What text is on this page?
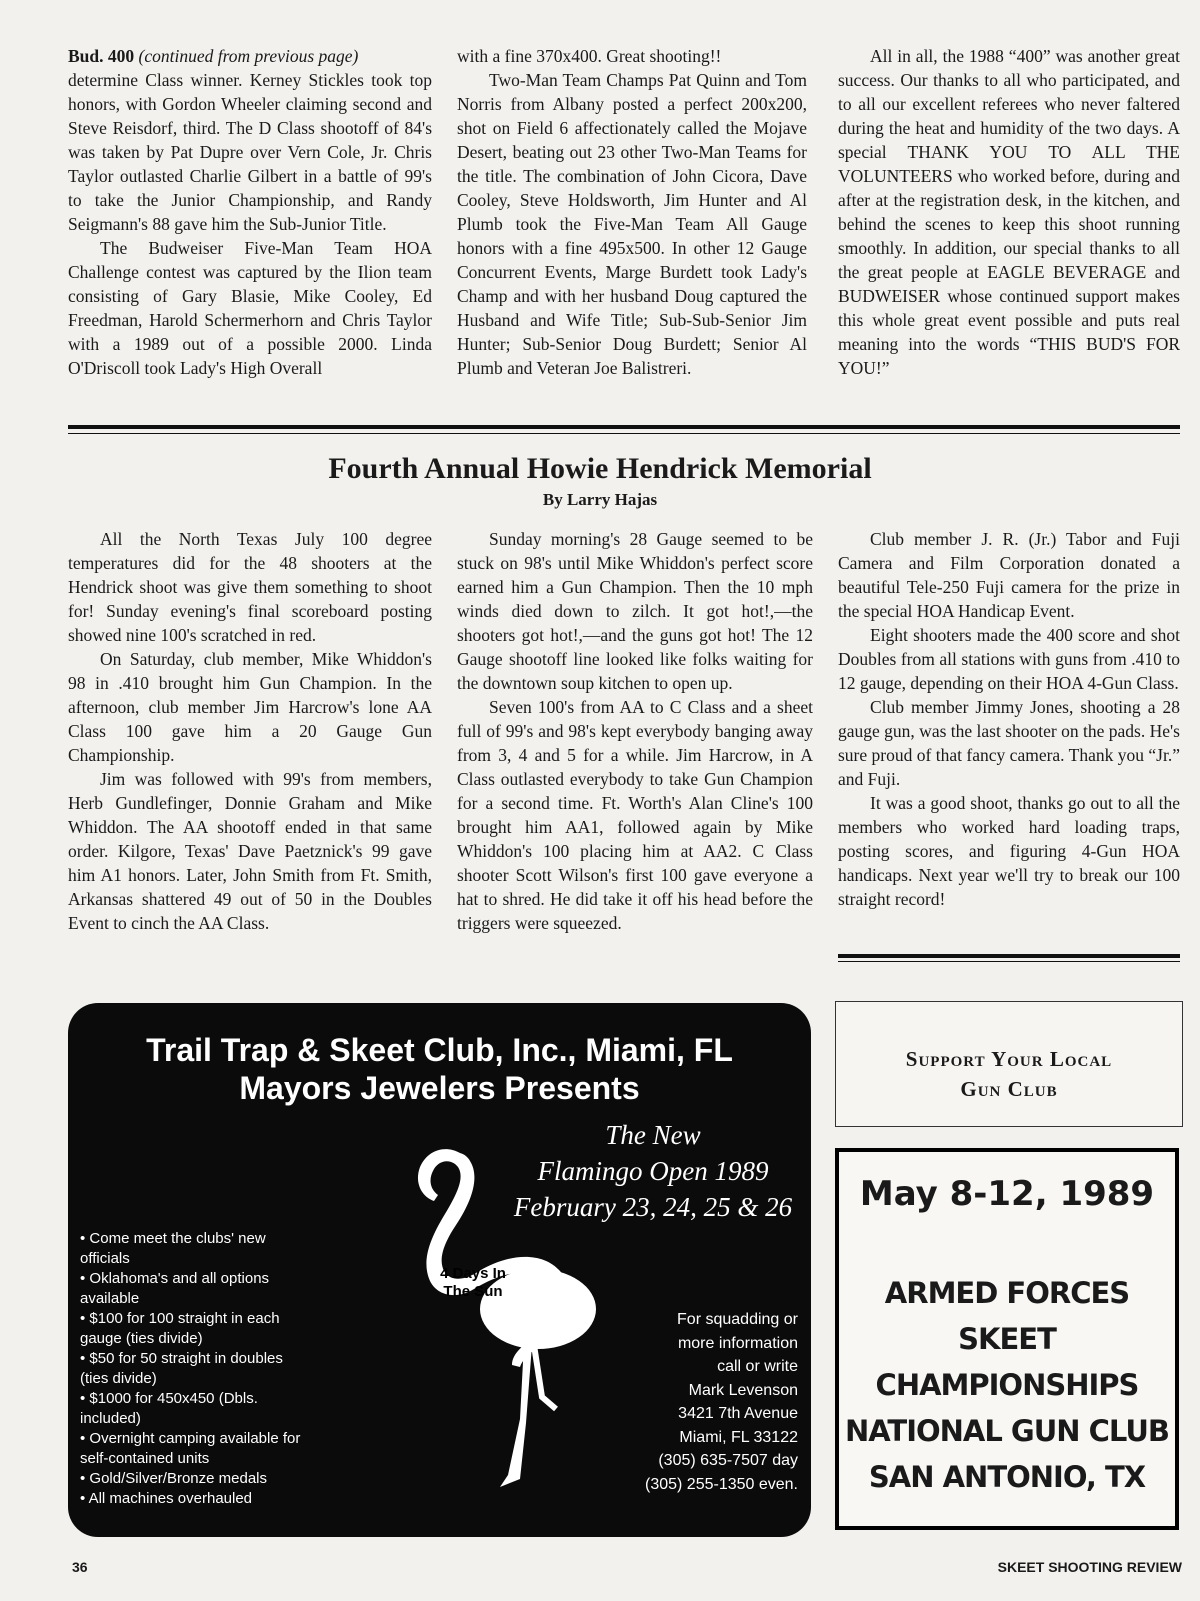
Bud. 400 (continued from previous page)

determine Class winner. Kerney Stickles took top honors, with Gordon Wheeler claiming second and Steve Reisdorf, third. The D Class shootoff of 84's was taken by Pat Dupre over Vern Cole, Jr. Chris Taylor outlasted Charlie Gilbert in a battle of 99's to take the Junior Championship, and Randy Seigmann's 88 gave him the Sub-Junior Title.

The Budweiser Five-Man Team HOA Challenge contest was captured by the Ilion team consisting of Gary Blasie, Mike Cooley, Ed Freedman, Harold Schermerhorn and Chris Taylor with a 1989 out of a possible 2000. Linda O'Driscoll took Lady's High Overall

with a fine 370x400. Great shooting!!

Two-Man Team Champs Pat Quinn and Tom Norris from Albany posted a perfect 200x200, shot on Field 6 affectionately called the Mojave Desert, beating out 23 other Two-Man Teams for the title. The combination of John Cicora, Dave Cooley, Steve Holdsworth, Jim Hunter and Al Plumb took the Five-Man Team All Gauge honors with a fine 495x500. In other 12 Gauge Concurrent Events, Marge Burdett took Lady's Champ and with her husband Doug captured the Husband and Wife Title; Sub-Sub-Senior Jim Hunter; Sub-Senior Doug Burdett; Senior Al Plumb and Veteran Joe Balistreri.

All in all, the 1988 “400” was another great success. Our thanks to all who participated, and to all our excellent referees who never faltered during the heat and humidity of the two days. A special THANK YOU TO ALL THE VOLUNTEERS who worked before, during and after at the registration desk, in the kitchen, and behind the scenes to keep this shoot running smoothly. In addition, our special thanks to all the great people at EAGLE BEVERAGE and BUDWEISER whose continued support makes this whole great event possible and puts real meaning into the words “THIS BUD'S FOR YOU!”

Fourth Annual Howie Hendrick Memorial
By Larry Hajas

All the North Texas July 100 degree temperatures did for the 48 shooters at the Hendrick shoot was give them something to shoot for! Sunday evening's final scoreboard posting showed nine 100's scratched in red.

On Saturday, club member, Mike Whiddon's 98 in .410 brought him Gun Champion. In the afternoon, club member Jim Harcrow's lone AA Class 100 gave him a 20 Gauge Gun Championship.

Jim was followed with 99's from members, Herb Gundlefinger, Donnie Graham and Mike Whiddon. The AA shootoff ended in that same order. Kilgore, Texas' Dave Paetznick's 99 gave him A1 honors. Later, John Smith from Ft. Smith, Arkansas shattered 49 out of 50 in the Doubles Event to cinch the AA Class.

Sunday morning's 28 Gauge seemed to be stuck on 98's until Mike Whiddon's perfect score earned him a Gun Champion. Then the 10 mph winds died down to zilch. It got hot!,—the shooters got hot!,—and the guns got hot! The 12 Gauge shootoff line looked like folks waiting for the downtown soup kitchen to open up.

Seven 100's from AA to C Class and a sheet full of 99's and 98's kept everybody banging away from 3, 4 and 5 for a while. Jim Harcrow, in A Class outlasted everybody to take Gun Champion for a second time. Ft. Worth's Alan Cline's 100 brought him AA1, followed again by Mike Whiddon's 100 placing him at AA2. C Class shooter Scott Wilson's first 100 gave everyone a hat to shred. He did take it off his head before the triggers were squeezed.

Club member J. R. (Jr.) Tabor and Fuji Camera and Film Corporation donated a beautiful Tele-250 Fuji camera for the prize in the special HOA Handicap Event.

Eight shooters made the 400 score and shot Doubles from all stations with guns from .410 to 12 gauge, depending on their HOA 4-Gun Class.

Club member Jimmy Jones, shooting a 28 gauge gun, was the last shooter on the pads. He's sure proud of that fancy camera. Thank you “Jr.” and Fuji.

It was a good shoot, thanks go out to all the members who worked hard loading traps, posting scores, and figuring 4-Gun HOA handicaps. Next year we'll try to break our 100 straight record!

Trail Trap & Skeet Club, Inc., Miami, FL
Mayors Jewelers Presents
The New
Flamingo Open 1989
February 23, 24, 25 & 26
4 Days In
The Sun
• Come meet the clubs' new officials
• Oklahoma's and all options available
• $100 for 100 straight in each gauge (ties divide)
• $50 for 50 straight in doubles (ties divide)
• $1000 for 450x450 (Dbls. included)
• Overnight camping available for self-contained units
• Gold/Silver/Bronze medals
• All machines overhauled
For squadding or
more information
call or write
Mark Levenson
3421 7th Avenue
Miami, FL 33122
(305) 635-7507 day
(305) 255-1350 even.
Support Your Local
Gun Club
May 8-12, 1989
ARMED FORCES
SKEET
CHAMPIONSHIPS
NATIONAL GUN CLUB
SAN ANTONIO, TX
36	SKEET SHOOTING REVIEW
